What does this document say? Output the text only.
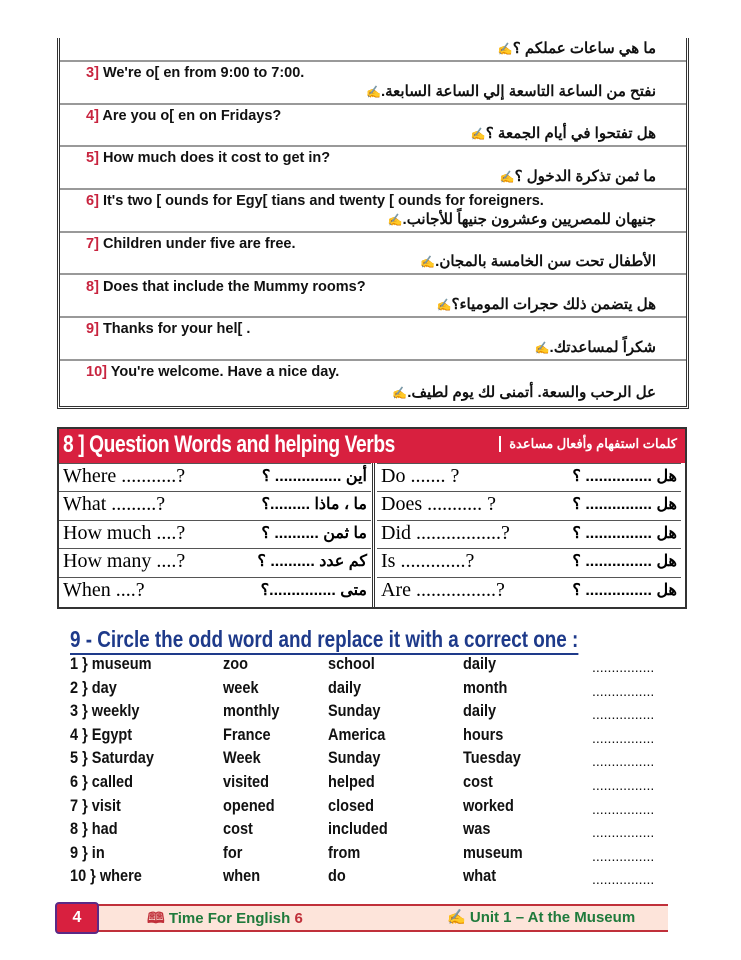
ما هي ساعات عملكم ؟✍
3] We're o[ en from 9:00 to 7:00.
نفتح من الساعة التاسعة إلي الساعة السابعة.✍
4] Are you o[ en on Fridays?
هل تفتحوا في أيام الجمعة ؟✍
5] How much does it cost to get in?
ما ثمن تذكرة الدخول ؟✍
6] It's two [ ounds for Egy[ tians and twenty [ ounds for foreigners.
جنيهان للمصريين وعشرون جنيهاً للأجانب.✍
7] Children under five are free.
الأطفال تحت سن الخامسة بالمجان.✍
8] Does that include the Mummy rooms?
هل يتضمن ذلك حجرات المومياء؟✍
9] Thanks for your hel[ .
شكراً لمساعدتك.✍
10] You're welcome. Have a nice day.
عل الرحب والسعة. أتمنى لك يوم لطيف.✍
8 ] Question Words and helping Verbs	كلمات استفهام وأفعال مساعدة
Where ...........?	أين ............... ؟
What .........?	ما ، ماذا .........؟
How much ....?	ما ثمن .......... ؟
How many ....?	كم عدد .......... ؟
When ....?	متى ...............؟
Do ....... ?	هل ............... ؟
Does ........... ?	هل ............... ؟
Did .................?	هل ............... ؟
Is .............?	هل ............... ؟
Are ................?	هل ............... ؟
9 - Circle the odd word and replace it with a correct one :
1 } museum	zoo	school	daily	................
2 } day	week	daily	month	................
3 } weekly	monthly	Sunday	daily	................
4 } Egypt	France	America	hours	................
5 } Saturday	Week	Sunday	Tuesday	................
6 } called	visited	helped	cost	................
7 } visit	opened	closed	worked	................
8 } had	cost	included	was	................
9 } in	for	from	museum	................
10 } where	when	do	what	................
4	🕮 Time For English 6	✍ Unit 1 – At the Museum
